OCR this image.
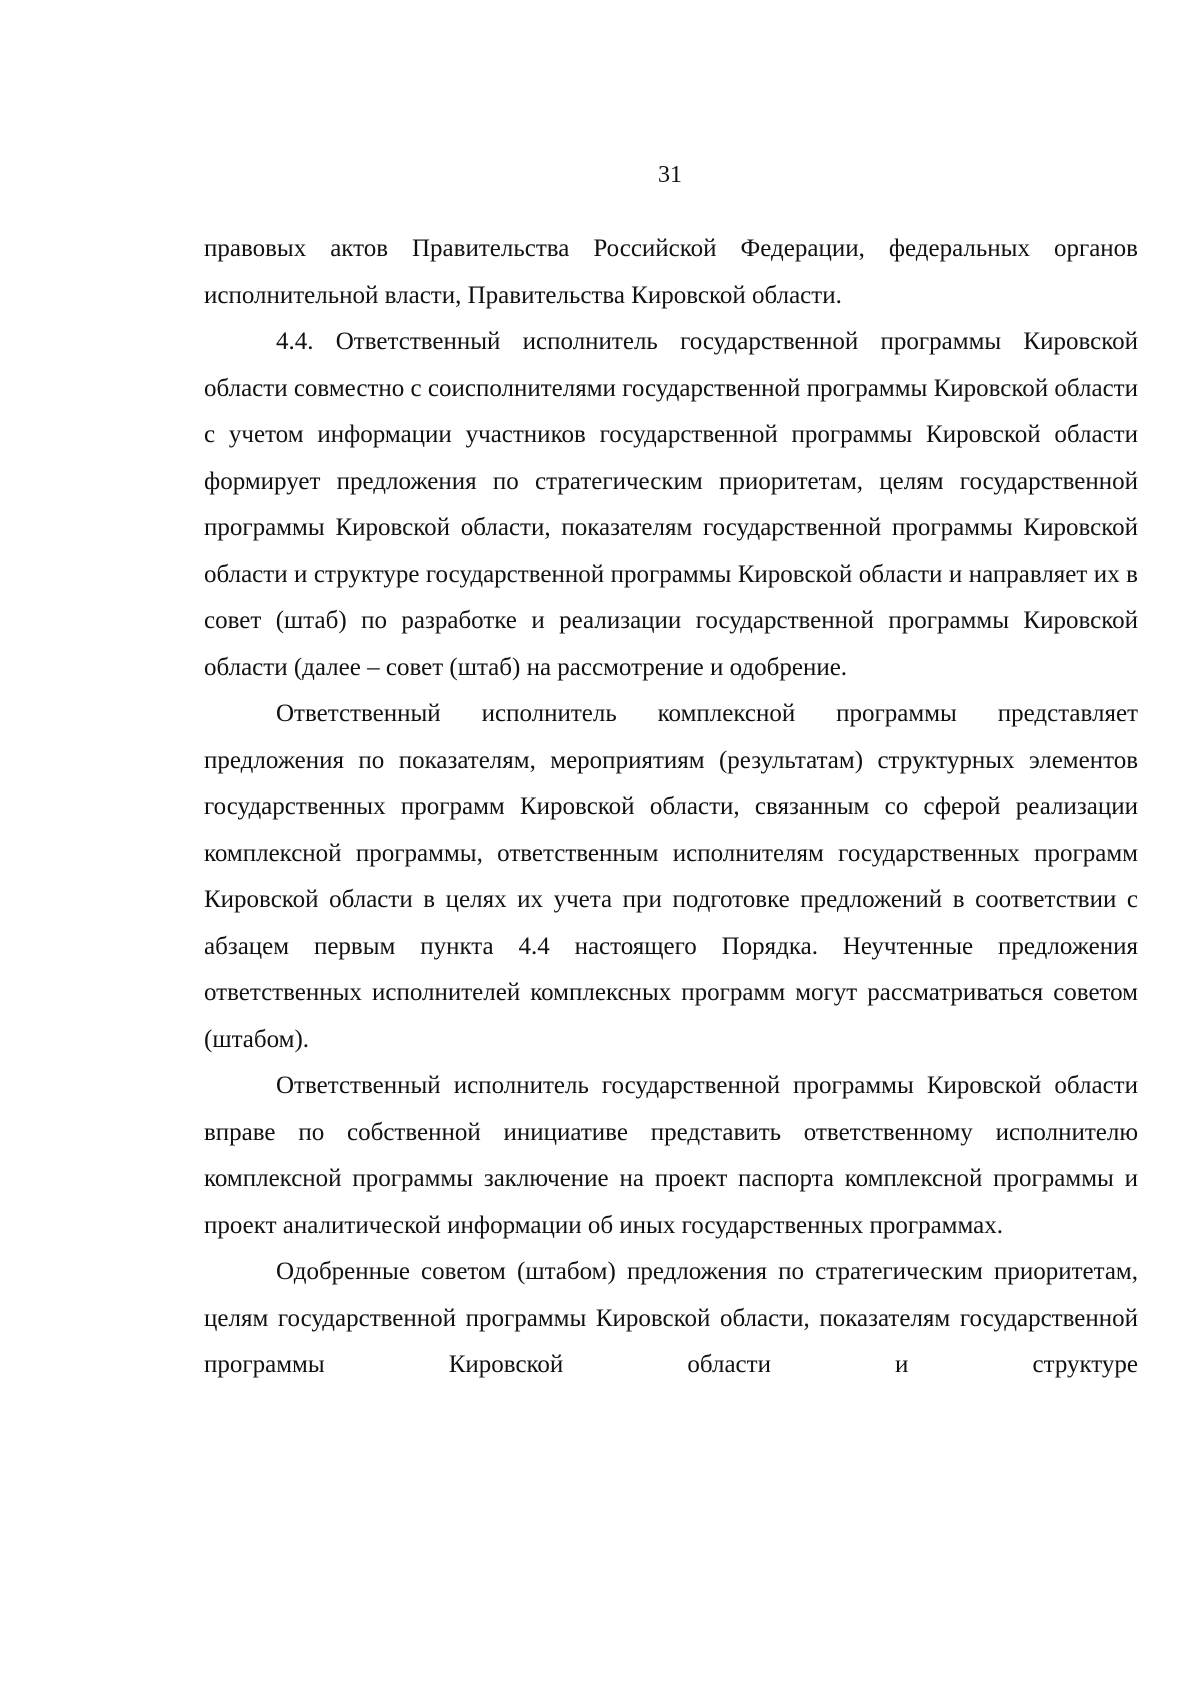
31

правовых актов Правительства Российской Федерации, федеральных органов исполнительной власти, Правительства Кировской области.

4.4. Ответственный исполнитель государственной программы Кировской области совместно с соисполнителями государственной программы Кировской области с учетом информации участников государственной программы Кировской области формирует предложения по стратегическим приоритетам, целям государственной программы Кировской области, показателям государственной программы Кировской области и структуре государственной программы Кировской области и направляет их в совет (штаб) по разработке и реализации государственной программы Кировской области (далее – совет (штаб) на рассмотрение и одобрение.

Ответственный исполнитель комплексной программы представляет предложения по показателям, мероприятиям (результатам) структурных элементов государственных программ Кировской области, связанным со сферой реализации комплексной программы, ответственным исполнителям государственных программ Кировской области в целях их учета при подготовке предложений в соответствии с абзацем первым пункта 4.4 настоящего Порядка. Неучтенные предложения ответственных исполнителей комплексных программ могут рассматриваться советом (штабом).

Ответственный исполнитель государственной программы Кировской области вправе по собственной инициативе представить ответственному исполнителю комплексной программы заключение на проект паспорта комплексной программы и проект аналитической информации об иных государственных программах.

Одобренные советом (штабом) предложения по стратегическим приоритетам, целям государственной программы Кировской области, показателям государственной программы Кировской области и структуре
